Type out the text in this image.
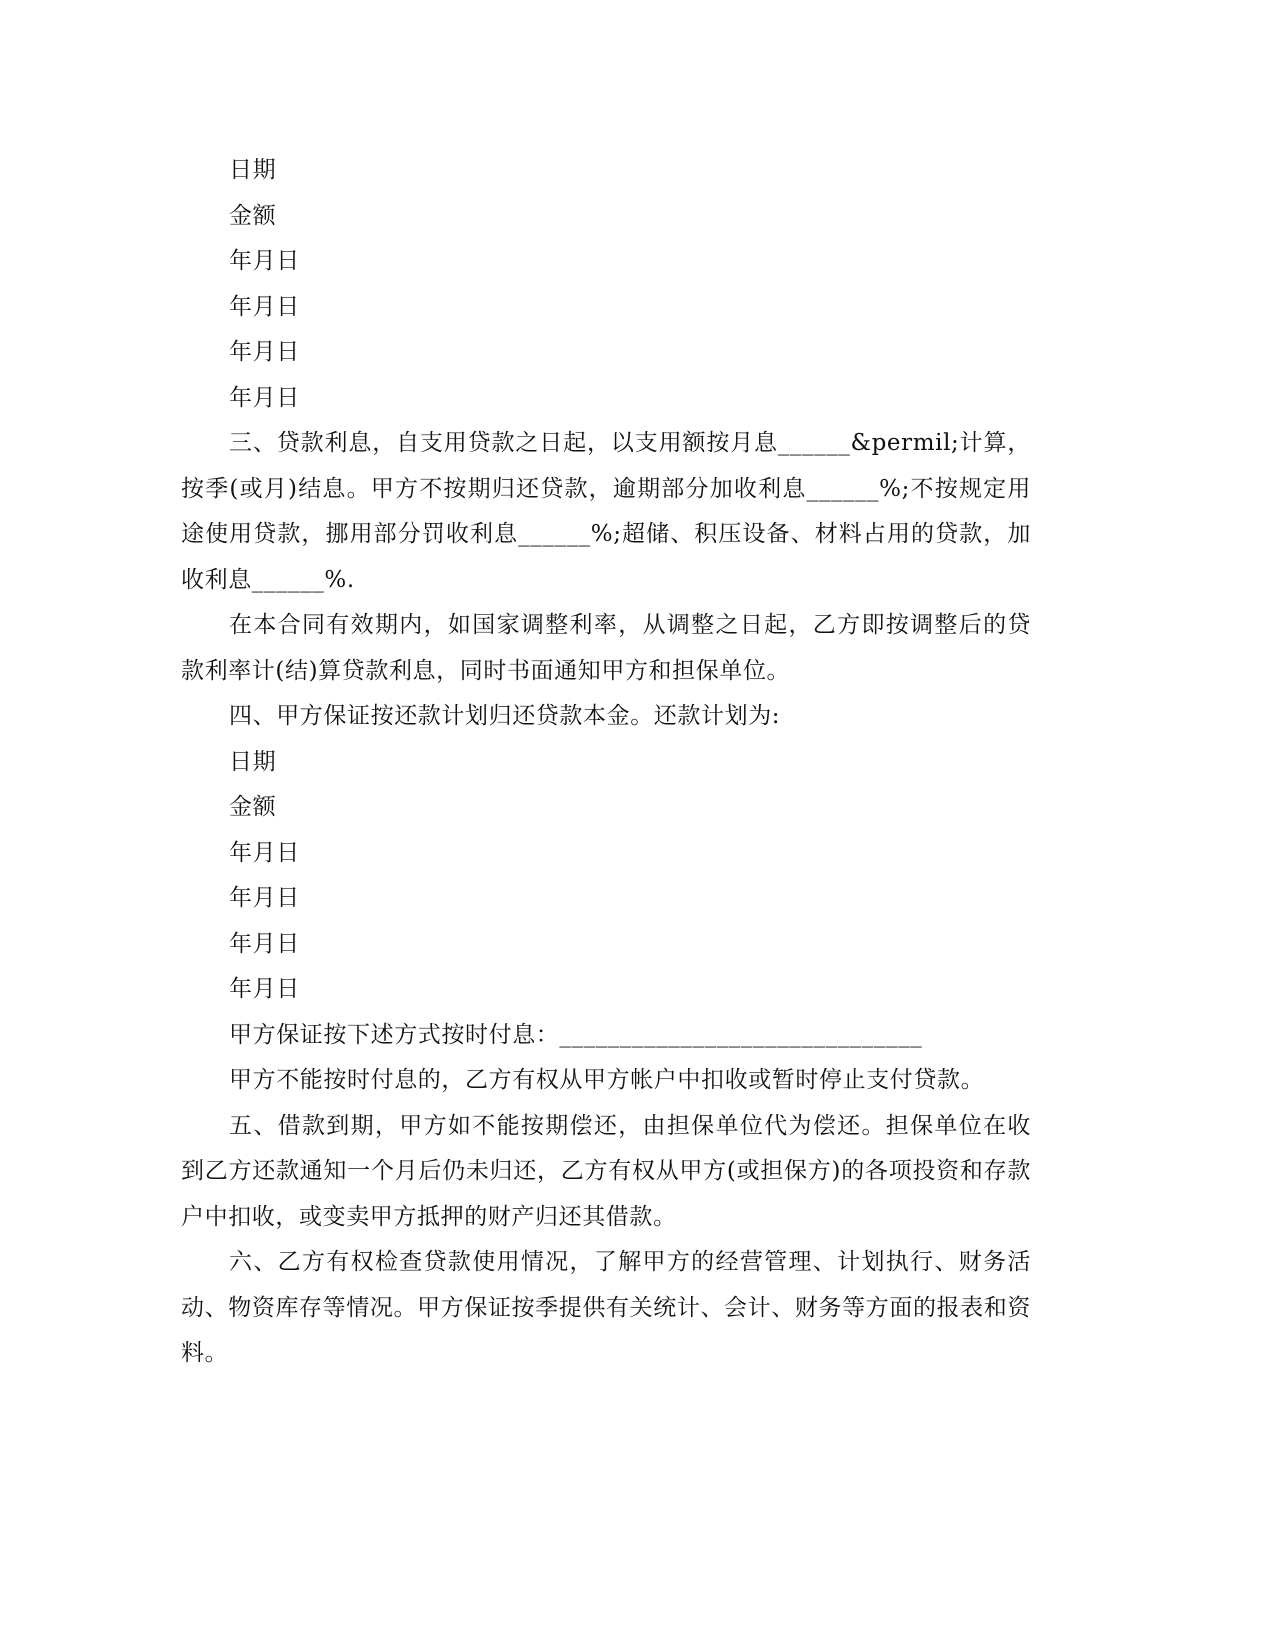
日期

金额

年月日

年月日

年月日

年月日

三、贷款利息，自支用贷款之日起，以支用额按月息______&permil;计算，按季(或月)结息。甲方不按期归还贷款，逾期部分加收利息______%;不按规定用途使用贷款，挪用部分罚收利息______%;超储、积压设备、材料占用的贷款，加收利息______%.

在本合同有效期内，如国家调整利率，从调整之日起，乙方即按调整后的贷款利率计(结)算贷款利息，同时书面通知甲方和担保单位。

四、甲方保证按还款计划归还贷款本金。还款计划为:

日期

金额

年月日

年月日

年月日

年月日

甲方保证按下述方式按时付息：______________________________

甲方不能按时付息的，乙方有权从甲方帐户中扣收或暂时停止支付贷款。

五、借款到期，甲方如不能按期偿还，由担保单位代为偿还。担保单位在收到乙方还款通知一个月后仍未归还，乙方有权从甲方(或担保方)的各项投资和存款户中扣收，或变卖甲方抵押的财产归还其借款。

六、乙方有权检查贷款使用情况，了解甲方的经营管理、计划执行、财务活动、物资库存等情况。甲方保证按季提供有关统计、会计、财务等方面的报表和资料。
